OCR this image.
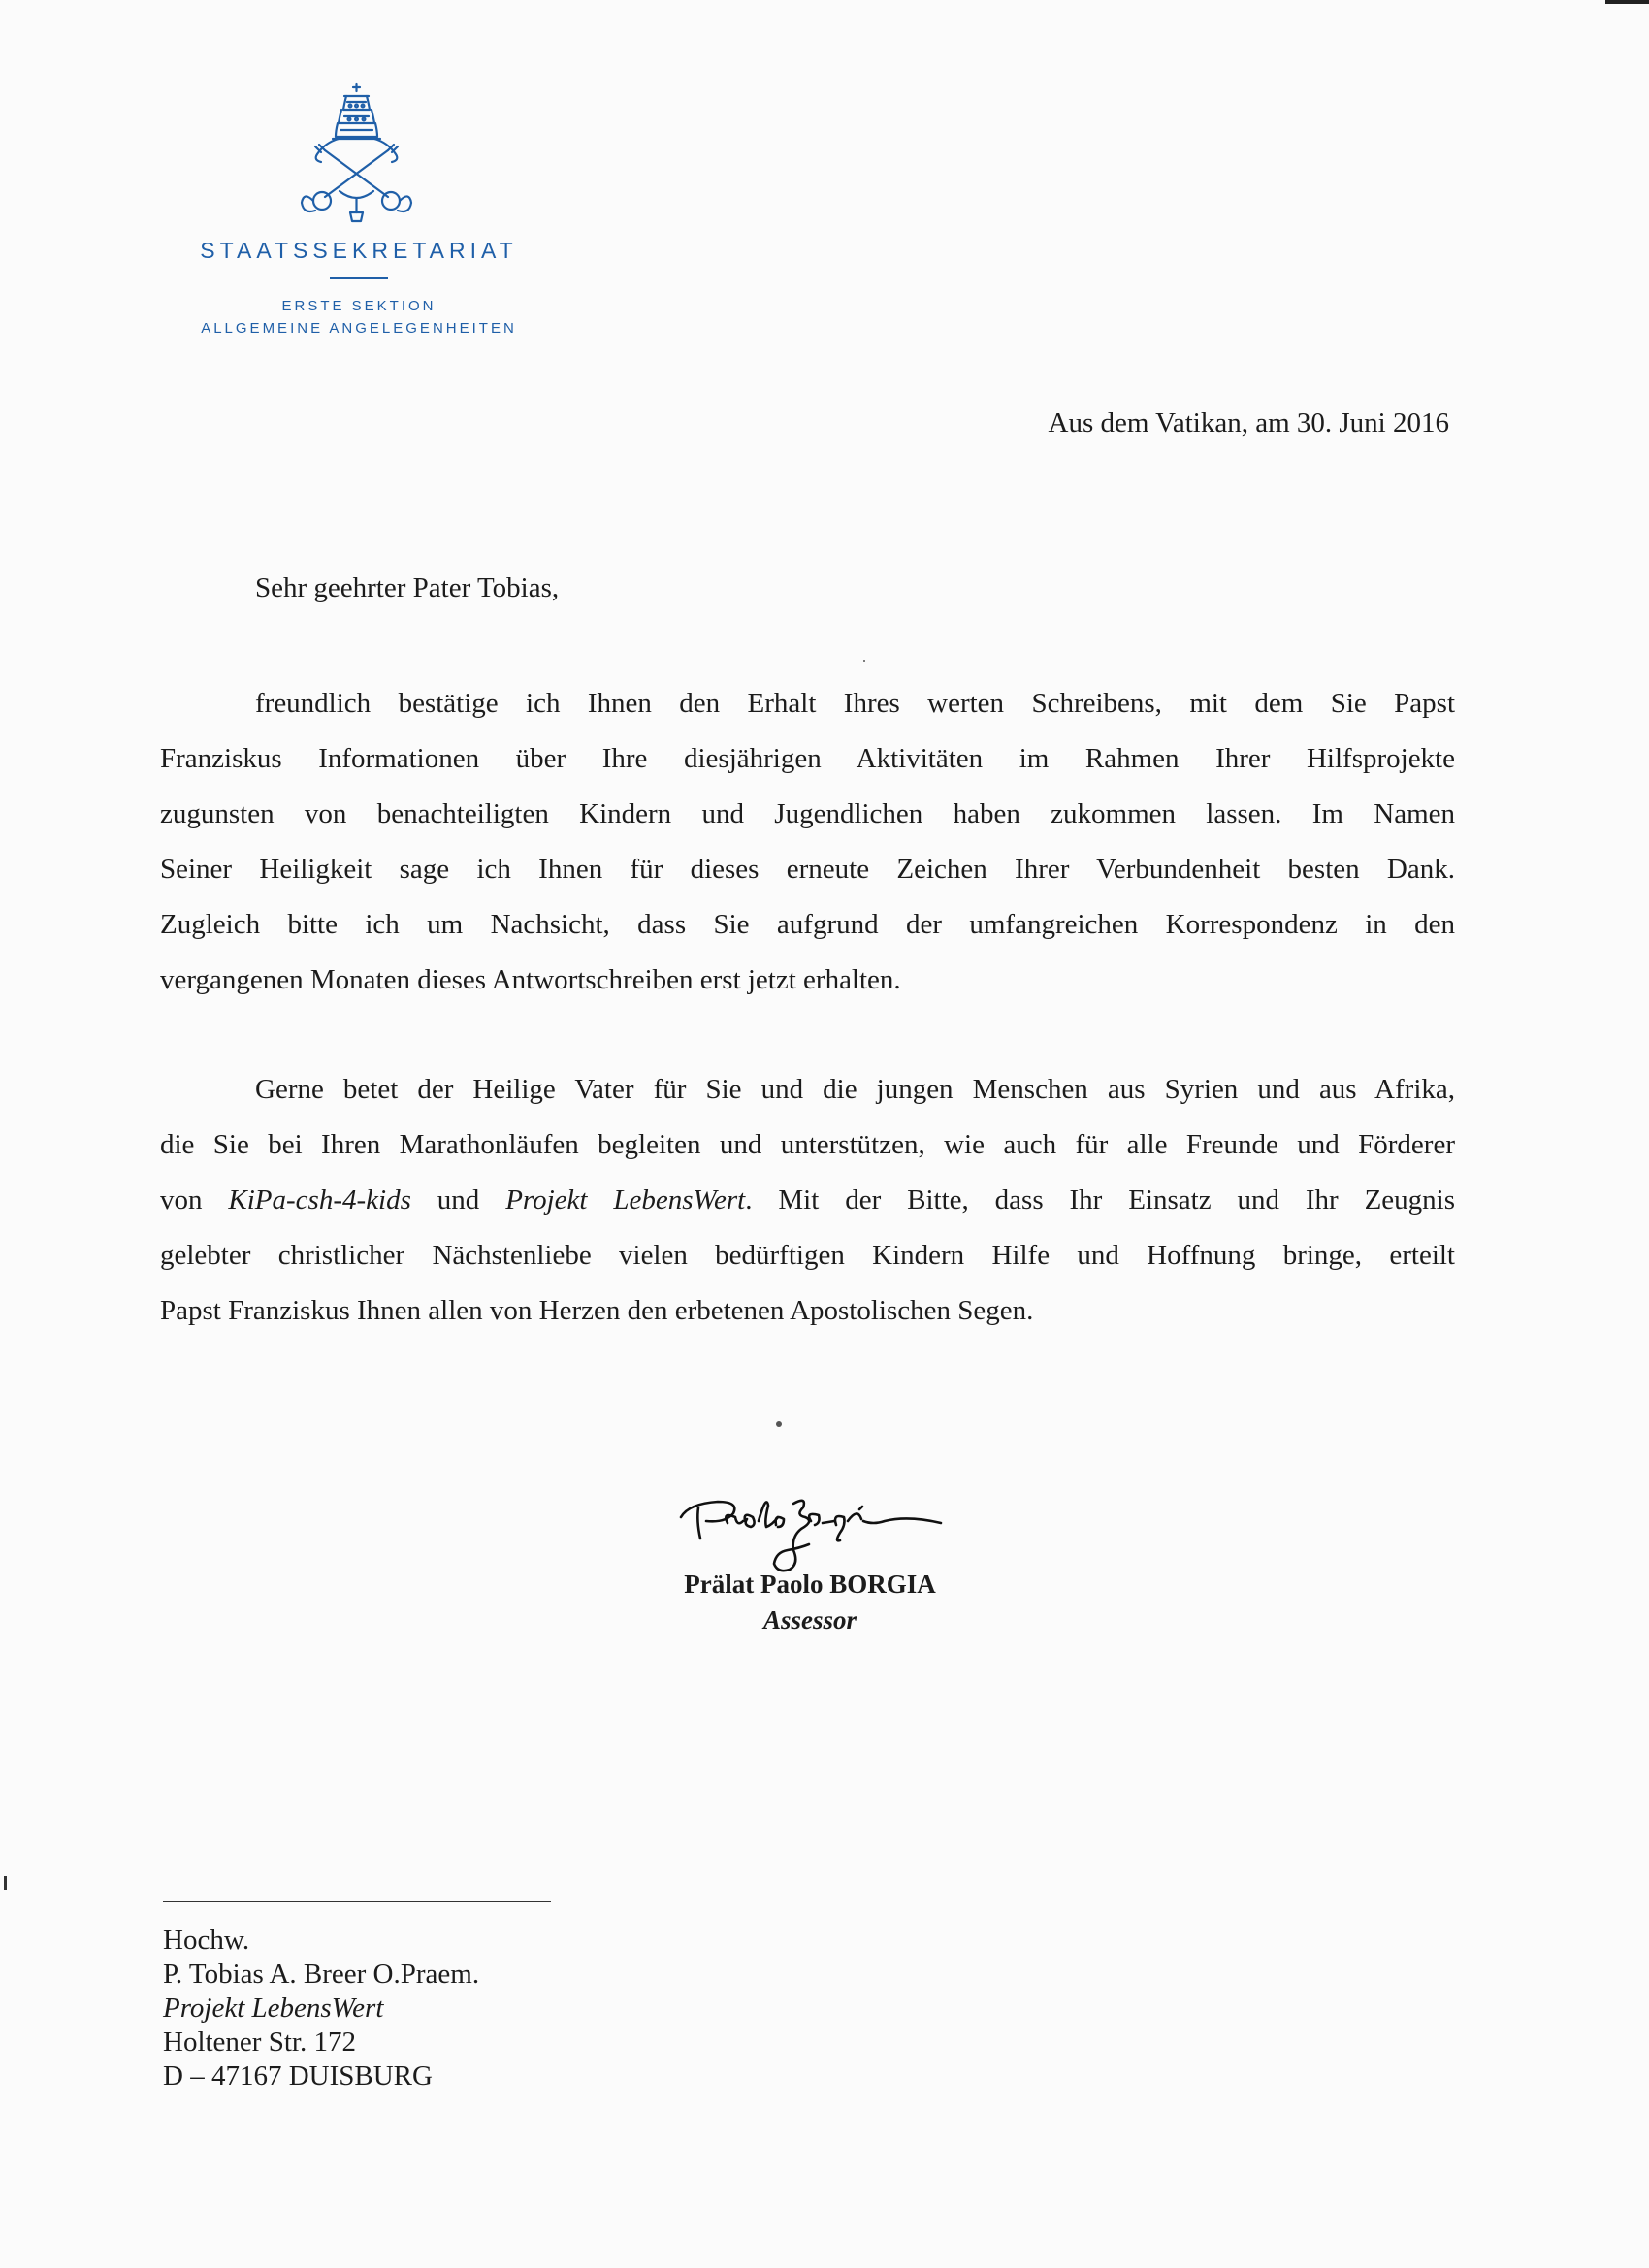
STAATSSEKRETARIAT
ERSTE SEKTION
ALLGEMEINE ANGELEGENHEITEN
Aus dem Vatikan, am 30. Juni 2016
Sehr geehrter Pater Tobias,
freundlich bestätige ich Ihnen den Erhalt Ihres werten Schreibens, mit dem Sie Papst
Franziskus Informationen über Ihre diesjährigen Aktivitäten im Rahmen Ihrer Hilfsprojekte
zugunsten von benachteiligten Kindern und Jugendlichen haben zukommen lassen. Im Namen
Seiner Heiligkeit sage ich Ihnen für dieses erneute Zeichen Ihrer Verbundenheit besten Dank.
Zugleich bitte ich um Nachsicht, dass Sie aufgrund der umfangreichen Korrespondenz in den
vergangenen Monaten dieses Antwortschreiben erst jetzt erhalten.
Gerne betet der Heilige Vater für Sie und die jungen Menschen aus Syrien und aus Afrika,
die Sie bei Ihren Marathonläufen begleiten und unterstützen, wie auch für alle Freunde und Förderer
von KiPa-csh-4-kids und Projekt LebensWert. Mit der Bitte, dass Ihr Einsatz und Ihr Zeugnis
gelebter christlicher Nächstenliebe vielen bedürftigen Kindern Hilfe und Hoffnung bringe, erteilt
Papst Franziskus Ihnen allen von Herzen den erbetenen Apostolischen Segen.
Prälat Paolo BORGIA
Assessor
Hochw.
P. Tobias A. Breer O.Praem.
Projekt LebensWert
Holtener Str. 172
D – 47167 DUISBURG
